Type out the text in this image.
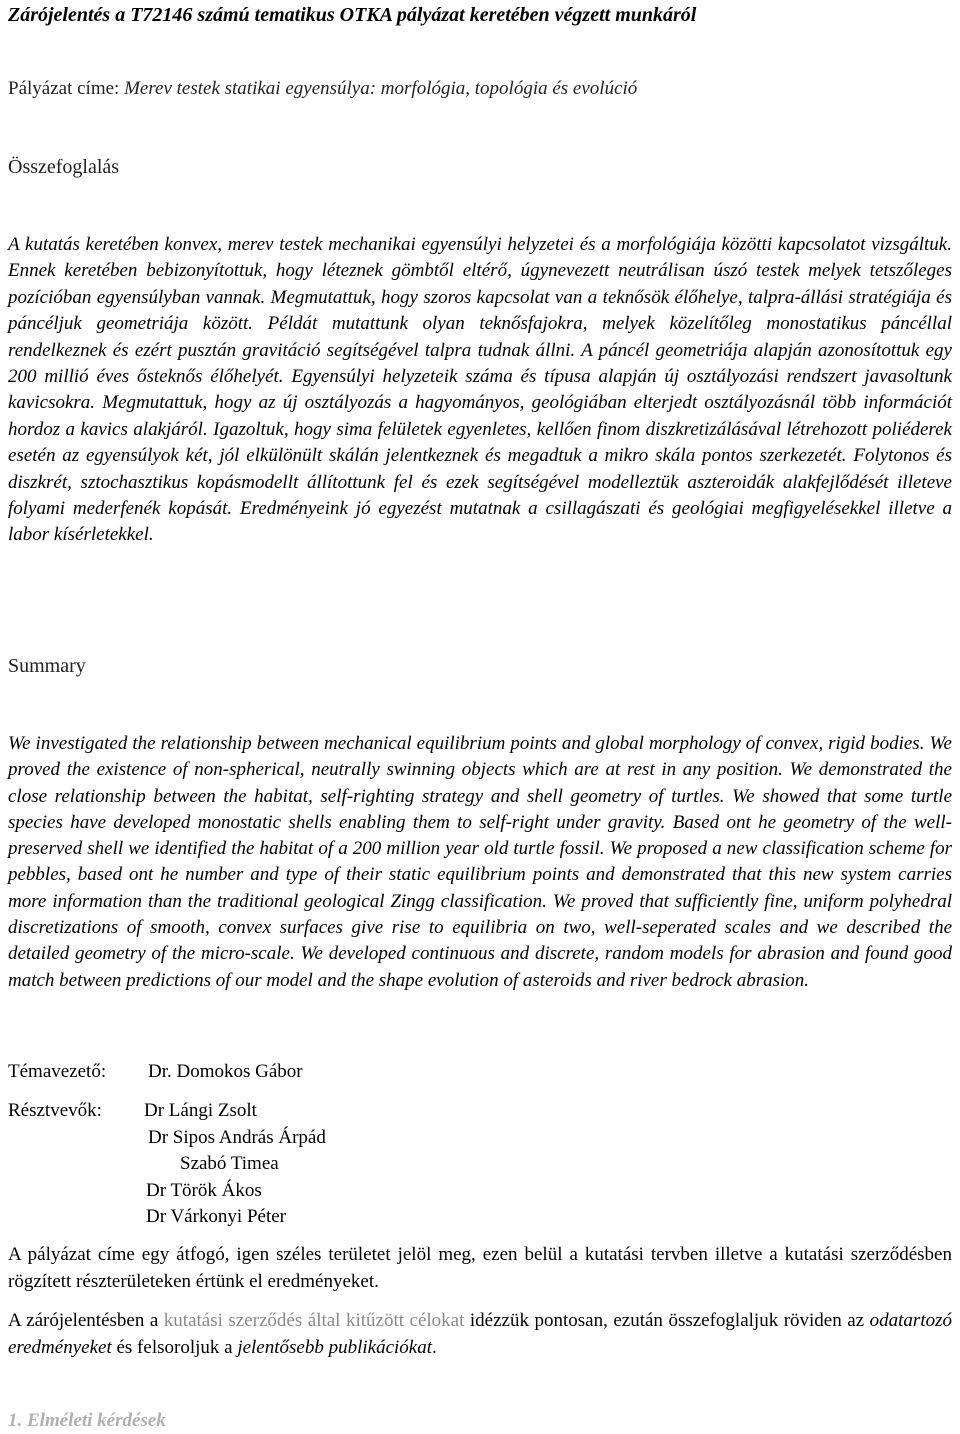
Zárójelentés a T72146 számú tematikus OTKA pályázat keretében végzett munkáról

Pályázat címe: Merev testek statikai egyensúlya: morfológia, topológia és evolúció

Összefoglalás

A kutatás keretében konvex, merev testek mechanikai egyensúlyi helyzetei és a morfológiája közötti kapcsolatot vizsgáltuk. Ennek keretében bebizonyítottuk, hogy léteznek gömbtől eltérő, úgynevezett neutrálisan úszó testek melyek tetszőleges pozícióban egyensúlyban vannak. Megmutattuk, hogy szoros kapcsolat van a teknősök élőhelye, talpra-állási stratégiája és páncéljuk geometriája között. Példát mutattunk olyan teknősfajokra, melyek közelítőleg monostatikus páncéllal rendelkeznek és ezért pusztán gravitáció segítségével talpra tudnak állni. A páncél geometriája alapján azonosítottuk egy 200 millió éves ősteknős élőhelyét. Egyensúlyi helyzeteik száma és típusa alapján új osztályozási rendszert javasoltunk kavicsokra. Megmutattuk, hogy az új osztályozás a hagyományos, geológiában elterjedt osztályozásnál több információt hordoz a kavics alakjáról. Igazoltuk, hogy sima felületek egyenletes, kellően finom diszkretizálásával létrehozott poliéderek esetén az egyensúlyok két, jól elkülönült skálán jelentkeznek és megadtuk a mikro skála pontos szerkezetét. Folytonos és diszkrét, sztochasztikus kopásmodellt állítottunk fel és ezek segítségével modelleztük aszteroidák alakfejlődését illeteve folyami mederfenék kopását. Eredményeink jó egyezést mutatnak a csillagászati és geológiai megfigyelésekkel illetve a labor kísérletekkel.

Summary

We investigated the relationship between mechanical equilibrium points and global morphology of convex, rigid bodies. We proved the existence of non-spherical, neutrally swinning objects which are at rest in any position. We demonstrated the close relationship between the habitat, self-righting strategy and shell geometry of turtles. We showed that some turtle species have developed monostatic shells enabling them to self-right under gravity. Based ont he geometry of the well-preserved shell we identified the habitat of a 200 million year old turtle fossil. We proposed a new classification scheme for pebbles, based ont he number and type of their static equilibrium points and demonstrated that this new system carries more information than the traditional geological Zingg classification. We proved that sufficiently fine, uniform polyhedral discretizations of smooth, convex surfaces give rise to equilibria on two, well-seperated scales and we described the detailed geometry of the micro-scale. We developed continuous and discrete, random models for abrasion and found good match between predictions of our model and the shape evolution of asteroids and river bedrock abrasion.

Témavezető: Dr. Domokos Gábor

Résztvevők: Dr Lángi Zsolt
Dr Sipos András Árpád
Szabó Timea
Dr Török Ákos
Dr Várkonyi Péter

A pályázat címe egy átfogó, igen széles területet jelöl meg, ezen belül a kutatási tervben illetve a kutatási szerződésben rögzített részterületeken értünk el eredményeket.

A zárójelentésben a kutatási szerződés által kitűzött célokat idézzük pontosan, ezután összefoglaljuk röviden az odatartozó eredményeket és felsoroljuk a jelentősebb publikációkat.

1. Elméleti kérdések
